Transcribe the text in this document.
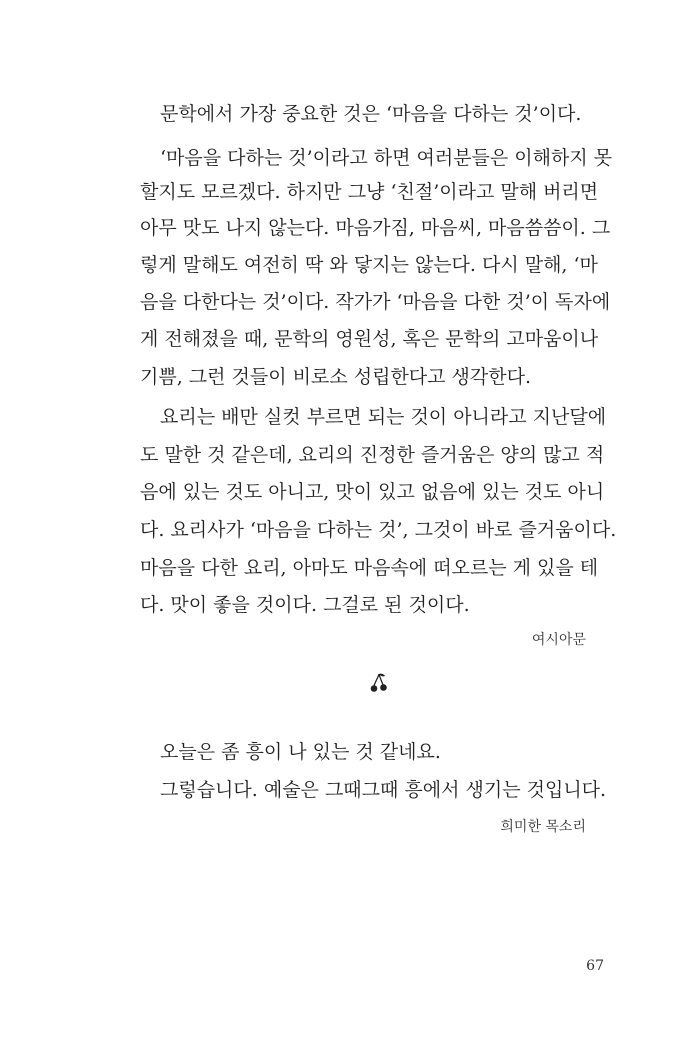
문학에서 가장 중요한 것은 ‘마음을 다하는 것’이다.
‘마음을 다하는 것’이라고 하면 여러분들은 이해하지 못
할지도 모르겠다. 하지만 그냥 ‘친절’이라고 말해 버리면
아무 맛도 나지 않는다. 마음가짐, 마음씨, 마음씀씀이. 그
렇게 말해도 여전히 딱 와 닿지는 않는다. 다시 말해, ‘마
음을 다한다는 것’이다. 작가가 ‘마음을 다한 것’이 독자에
게 전해졌을 때, 문학의 영원성, 혹은 문학의 고마움이나
기쁨, 그런 것들이 비로소 성립한다고 생각한다.
요리는 배만 실컷 부르면 되는 것이 아니라고 지난달에
도 말한 것 같은데, 요리의 진정한 즐거움은 양의 많고 적
음에 있는 것도 아니고, 맛이 있고 없음에 있는 것도 아니
다. 요리사가 ‘마음을 다하는 것’, 그것이 바로 즐거움이다.
마음을 다한 요리, 아마도 마음속에 떠오르는 게 있을 테
다. 맛이 좋을 것이다. 그걸로 된 것이다.
여시아문
오늘은 좀 흥이 나 있는 것 같네요.
그렇습니다. 예술은 그때그때 흥에서 생기는 것입니다.
희미한 목소리
67
